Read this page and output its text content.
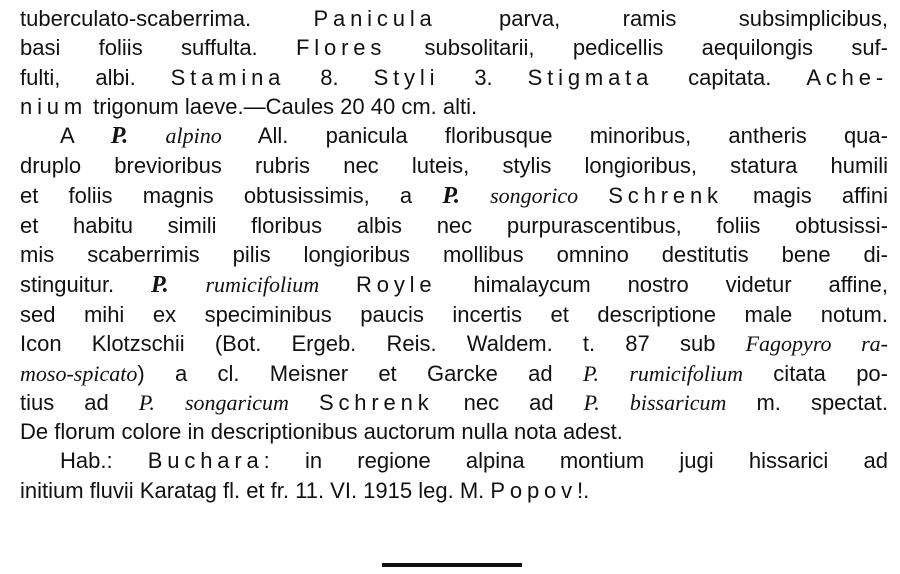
tuberculato-scaberrima. Panicula parva, ramis subsimplicibus,
basi foliis suffulta. Flores subsolitarii, pedicellis aequilongis suf-
fulti, albi. Stamina 8. Styli 3. Stigmata capitata. Ache-
nium trigonum laeve.—Caules 20 40 cm. alti.
A P. alpino All. panicula floribusque minoribus, antheris qua-
druplo brevioribus rubris nec luteis, stylis longioribus, statura humili
et foliis magnis obtusissimis, a P. songorico Schrenk magis affini
et habitu simili floribus albis nec purpurascentibus, foliis obtusissi-
mis scaberrimis pilis longioribus mollibus omnino destitutis bene di-
stinguitur. P. rumicifolium Royle himalaycum nostro videtur affine,
sed mihi ex speciminibus paucis incertis et descriptione male notum.
Icon Klotzschii (Bot. Ergeb. Reis. Waldem. t. 87 sub Fagopyro ra-
moso-spicato) a cl. Meisner et Garcke ad P. rumicifolium citata po-
tius ad P. songaricum Schrenk nec ad P. bissaricum m. spectat.
De florum colore in descriptionibus auctorum nulla nota adest.
Hab.: Buchara: in regione alpina montium jugi hissarici ad
initium fluvii Karatag fl. et fr. 11. VI. 1915 leg. M. Popov!.
